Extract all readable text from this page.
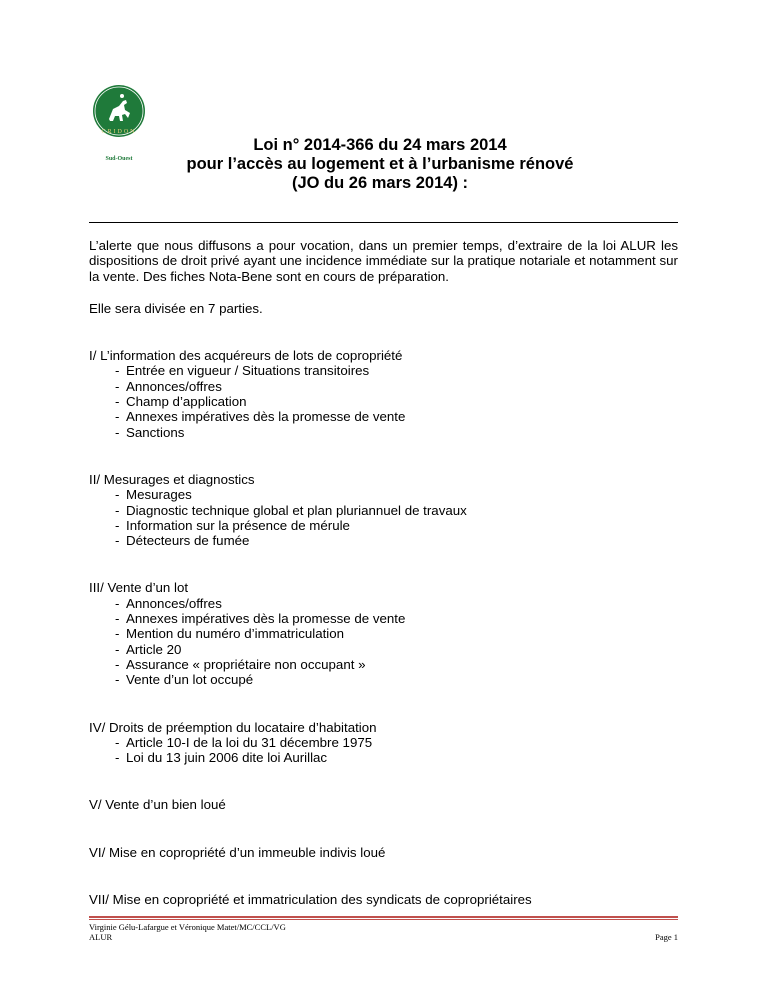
CRIDON
Sud-Ouest
Loi n° 2014-366 du 24 mars 2014
pour l’accès au logement et à l’urbanisme rénové
(JO du 26 mars 2014) :
L’alerte que nous diffusons a pour vocation, dans un premier temps, d’extraire de la loi ALUR les dispositions de droit privé ayant une incidence immédiate sur la pratique notariale et notamment sur la vente. Des fiches Nota-Bene sont en cours de préparation.
Elle sera divisée en 7 parties.
I/ L’information des acquéreurs de lots de copropriété
- Entrée en vigueur / Situations transitoires
- Annonces/offres
- Champ d’application
- Annexes impératives dès la promesse de vente
- Sanctions
II/ Mesurages et diagnostics
- Mesurages
- Diagnostic technique global et plan pluriannuel de travaux
- Information sur la présence de mérule
- Détecteurs de fumée
III/ Vente d’un lot
- Annonces/offres
- Annexes impératives dès la promesse de vente
- Mention du numéro d’immatriculation
- Article 20
- Assurance « propriétaire non occupant »
- Vente d’un lot occupé
IV/ Droits de préemption du locataire d’habitation
- Article 10-I de la loi du 31 décembre 1975
- Loi du 13 juin 2006 dite loi Aurillac
V/ Vente d’un bien loué
VI/ Mise en copropriété d’un immeuble indivis loué
VII/ Mise en copropriété et immatriculation des syndicats de copropriétaires
Virginie Gélu-Lafargue et Véronique Matet/MC/CCL/VG
ALUR	Page 1
